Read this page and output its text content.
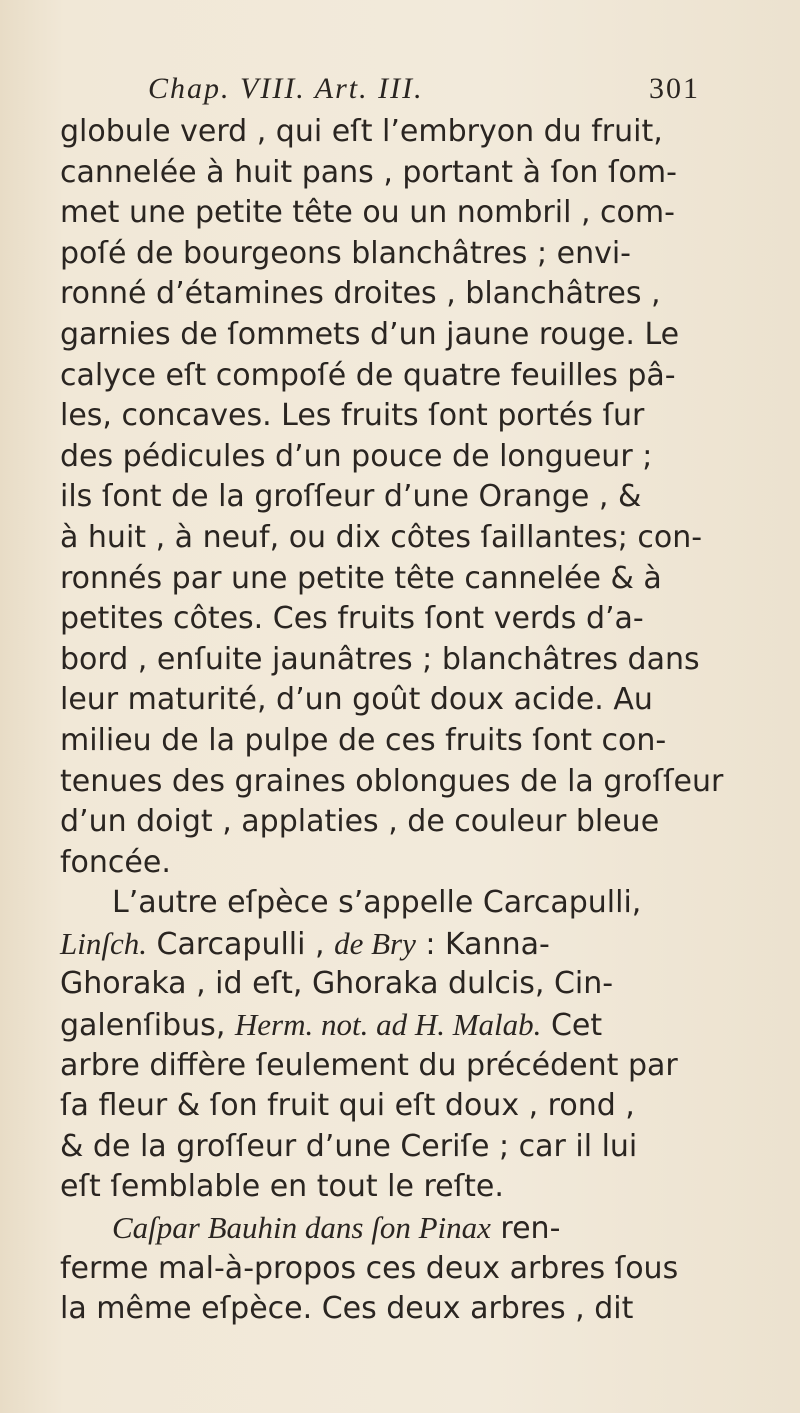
Chap. VIII. Art. III.	301
globule verd , qui eſt l’embryon du fruit,
cannelée à huit pans , portant à ſon ſom-
met une petite tête ou un nombril , com-
poſé de bourgeons blanchâtres ; envi-
ronné d’étamines droites , blanchâtres ,
garnies de ſommets d’un jaune rouge. Le
calyce eſt compoſé de quatre feuilles pâ-
les, concaves. Les fruits ſont portés ſur
des pédicules d’un pouce de longueur ;
ils ſont de la groſſeur d’une Orange , &
à huit , à neuf, ou dix côtes ſaillantes; con-
ronnés par une petite tête cannelée & à
petites côtes. Ces fruits ſont verds d’a-
bord , enſuite jaunâtres ; blanchâtres dans
leur maturité, d’un goût doux acide. Au
milieu de la pulpe de ces fruits ſont con-
tenues des graines oblongues de la groſſeur
d’un doigt , applaties , de couleur bleue
foncée.
L’autre eſpèce s’appelle Carcapulli,
Linſch. Carcapulli , de Bry : Kanna-
Ghoraka , id eſt, Ghoraka dulcis, Cin-
galenſibus, Herm. not. ad H. Malab. Cet
arbre diffère ſeulement du précédent par
ſa fleur & ſon fruit qui eſt doux , rond ,
& de la groſſeur d’une Ceriſe ; car il lui
eſt ſemblable en tout le reſte.
Caſpar Bauhin dans ſon Pinax ren-
ferme mal-à-propos ces deux arbres ſous
la même eſpèce. Ces deux arbres , dit
